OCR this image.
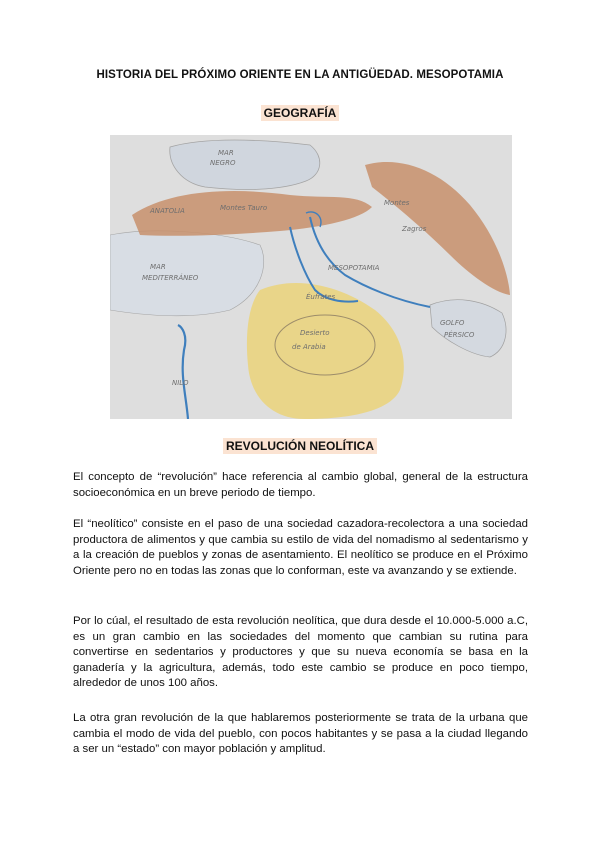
HISTORIA DEL PRÓXIMO ORIENTE EN LA ANTIGÜEDAD. MESOPOTAMIA
GEOGRAFÍA
MAR
NEGRO
ANATOLIA	Montes Tauro
Montes
Zagros
MAR
MEDITERRÁNEO
MESOPOTAMIA
Desierto
de Arabia
GOLFO
PÉRSICO
NILO
Éufrates
REVOLUCIÓN NEOLÍTICA

El concepto de “revolución” hace referencia al cambio global, general de la estructura socioeconómica en un breve periodo de tiempo.

El “neolítico” consiste en el paso de una sociedad cazadora-recolectora a una sociedad productora de alimentos y que cambia su estilo de vida del nomadismo al sedentarismo y a la creación de pueblos y zonas de asentamiento. El neolítico se produce en el Próximo Oriente pero no en todas las zonas que lo conforman, este va avanzando y se extiende.

Por lo cúal, el resultado de esta revolución neolítica, que dura desde el 10.000-5.000 a.C, es un gran cambio en las sociedades del momento que cambian su rutina para convertirse en sedentarios y productores y que su nueva economía se basa en la ganadería y la agricultura, además, todo este cambio se produce en poco tiempo, alrededor de unos 100 años.

La otra gran revolución de la que hablaremos posteriormente se trata de la urbana que cambia el modo de vida del pueblo, con pocos habitantes y se pasa a la ciudad llegando a ser un “estado” con mayor población y amplitud.
